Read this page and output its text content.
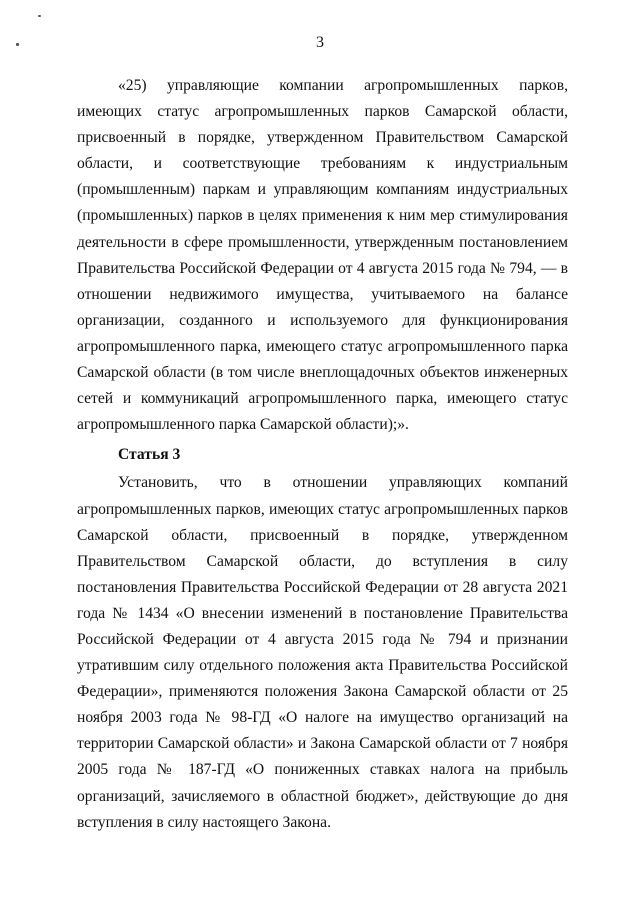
3

«25) управляющие компании агропромышленных парков, имеющих статус агропромышленных парков Самарской области, присвоенный в порядке, утвержденном Правительством Самарской области, и соответствующие требованиям к индустриальным (промышленным) паркам и управляющим компаниям индустриальных (промышленных) парков в целях применения к ним мер стимулирования деятельности в сфере промышленности, утвержденным постановлением Правительства Российской Федерации от 4 августа 2015 года № 794, — в отношении недвижимого имущества, учитываемого на балансе организации, созданного и используемого для функционирования агропромышленного парка, имеющего статус агропромышленного парка Самарской области (в том числе внеплощадочных объектов инженерных сетей и коммуникаций агропромышленного парка, имеющего статус агропромышленного парка Самарской области);».

Статья 3

Установить, что в отношении управляющих компаний агропромышленных парков, имеющих статус агропромышленных парков Самарской области, присвоенный в порядке, утвержденном Правительством Самарской области, до вступления в силу постановления Правительства Российской Федерации от 28 августа 2021 года № 1434 «О внесении изменений в постановление Правительства Российской Федерации от 4 августа 2015 года № 794 и признании утратившим силу отдельного положения акта Правительства Российской Федерации», применяются положения Закона Самарской области от 25 ноября 2003 года № 98-ГД «О налоге на имущество организаций на территории Самарской области» и Закона Самарской области от 7 ноября 2005 года № 187-ГД «О пониженных ставках налога на прибыль организаций, зачисляемого в областной бюджет», действующие до дня вступления в силу настоящего Закона.
